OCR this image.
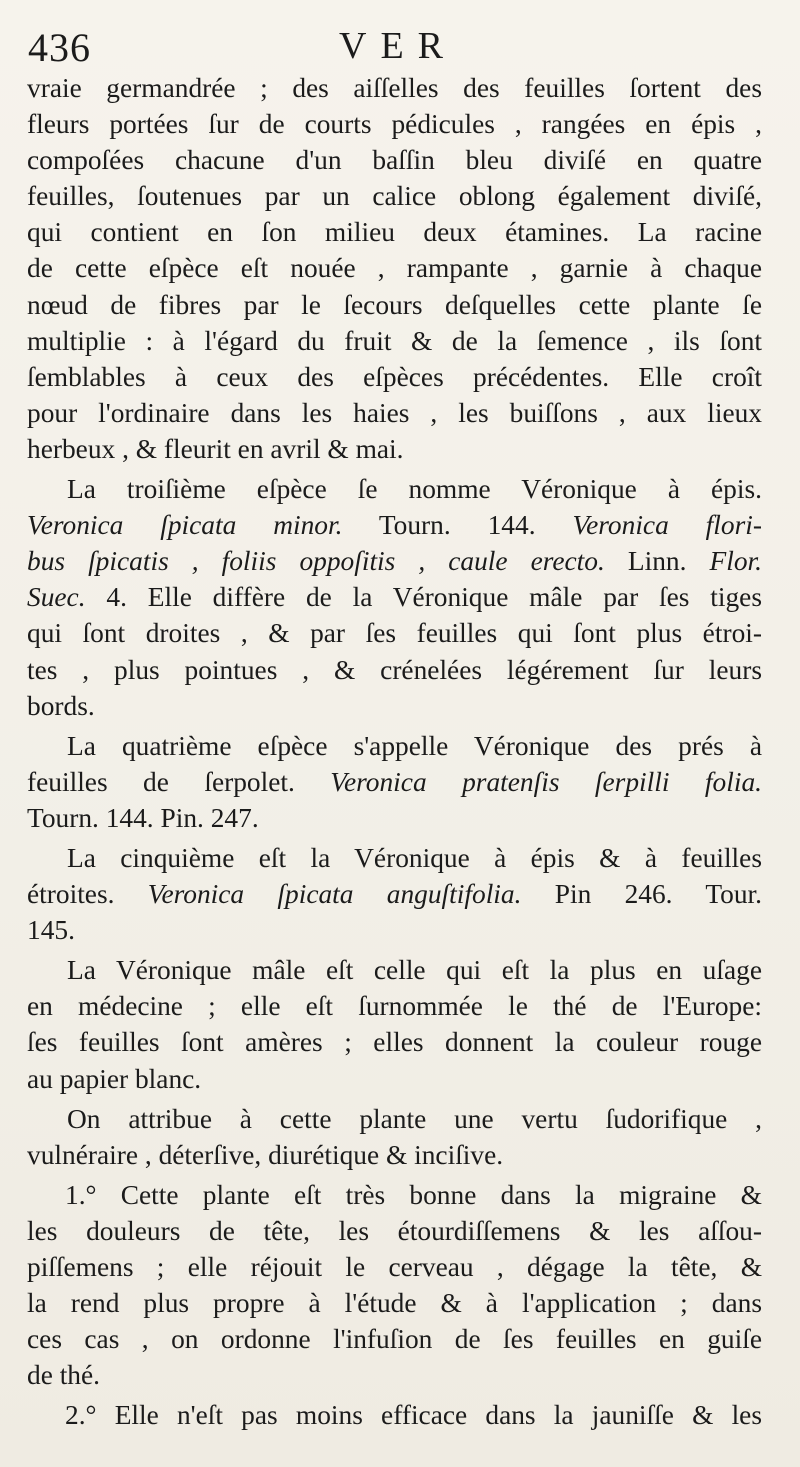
436	VER

vraie germandrée ; des aiſſelles des feuilles ſortent des

fleurs portées ſur de courts pédicules , rangées en épis ,

compoſées chacune d'un baſſin bleu diviſé en quatre

feuilles, ſoutenues par un calice oblong également diviſé,

qui contient en ſon milieu deux étamines. La racine

de cette eſpèce eſt nouée , rampante , garnie à chaque

nœud de fibres par le ſecours deſquelles cette plante ſe

multiplie : à l'égard du fruit & de la ſemence , ils ſont

ſemblables à ceux des eſpèces précédentes. Elle croît

pour l'ordinaire dans les haies , les buiſſons , aux lieux

herbeux , & fleurit en avril & mai.

La troiſième eſpèce ſe nomme Véronique à épis.

Veronica ſpicata minor. Tourn. 144. Veronica flori-

bus ſpicatis , foliis oppoſitis , caule erecto. Linn. Flor.

Suec. 4. Elle diffère de la Véronique mâle par ſes tiges

qui ſont droites , & par ſes feuilles qui ſont plus étroi-

tes , plus pointues , & crénelées légérement ſur leurs

bords.

La quatrième eſpèce s'appelle Véronique des prés à

feuilles de ſerpolet. Veronica pratenſis ſerpilli folia.

Tourn. 144. Pin. 247.

La cinquième eſt la Véronique à épis & à feuilles

étroites. Veronica ſpicata anguſtifolia. Pin 246. Tour.

145.

La Véronique mâle eſt celle qui eſt la plus en uſage

en médecine ; elle eſt ſurnommée le thé de l'Europe:

ſes feuilles ſont amères ; elles donnent la couleur rouge

au papier blanc.

On attribue à cette plante une vertu ſudorifique ,

vulnéraire , déterſive, diurétique & inciſive.

1.° Cette plante eſt très bonne dans la migraine &

les douleurs de tête, les étourdiſſemens & les aſſou-

piſſemens ; elle réjouit le cerveau , dégage la tête, &

la rend plus propre à l'étude & à l'application ; dans

ces cas , on ordonne l'infuſion de ſes feuilles en guiſe

de thé.

2.° Elle n'eſt pas moins efficace dans la jauniſſe & les
